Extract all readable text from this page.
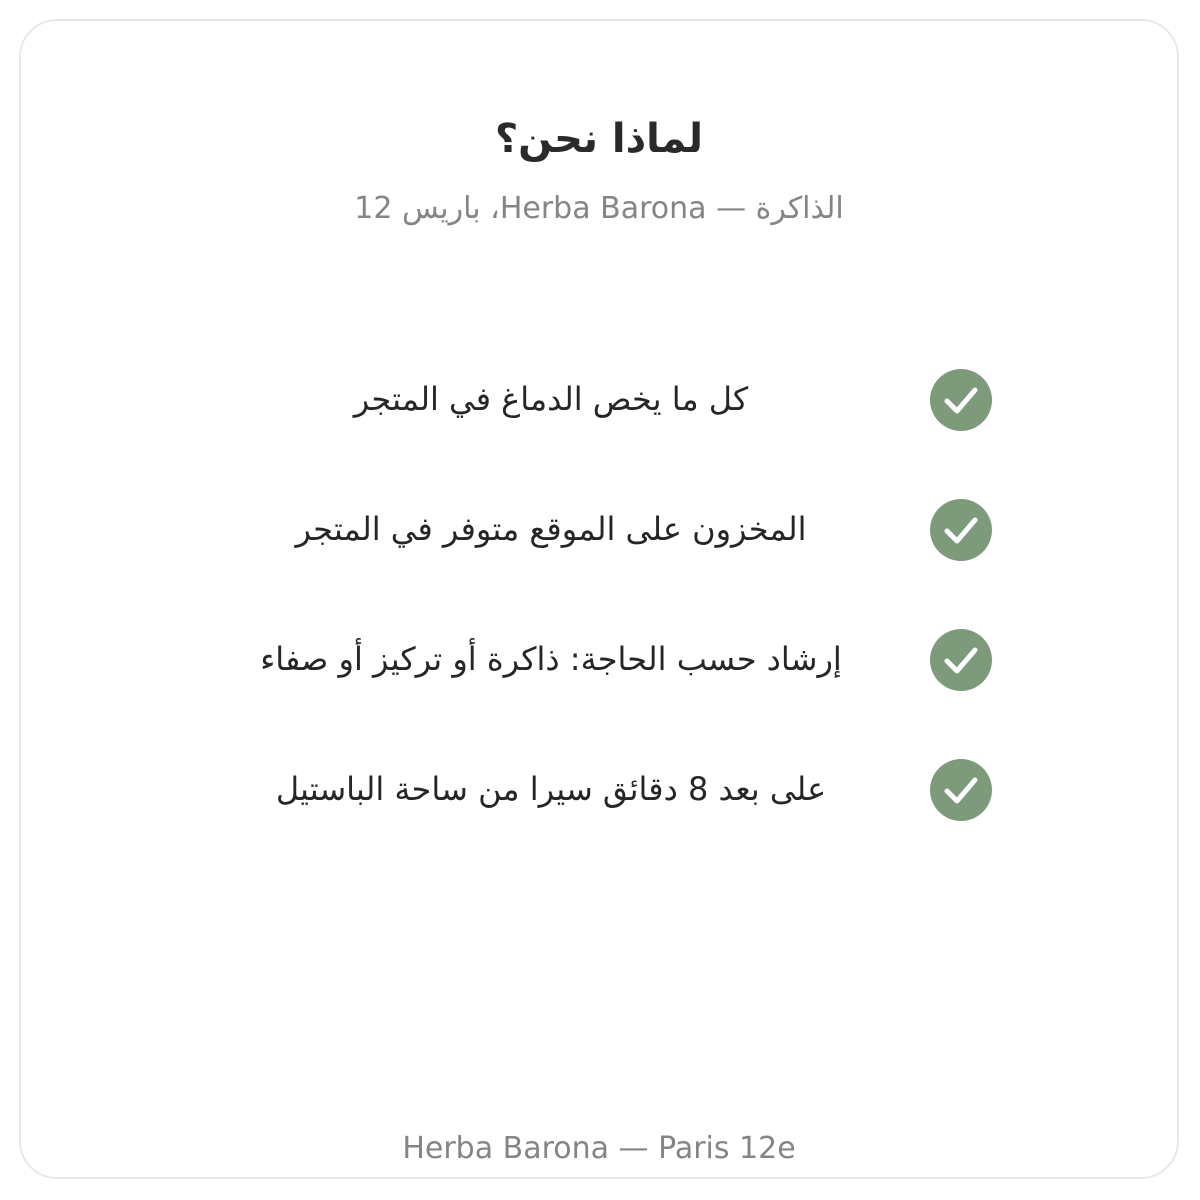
لماذا نحن؟
الذاكرة — Herba Barona، باريس 12
كل ما يخص الدماغ في المتجر
المخزون على الموقع متوفر في المتجر
إرشاد حسب الحاجة: ذاكرة أو تركيز أو صفاء
على بعد 8 دقائق سيرا من ساحة الباستيل
Herba Barona — Paris 12e
